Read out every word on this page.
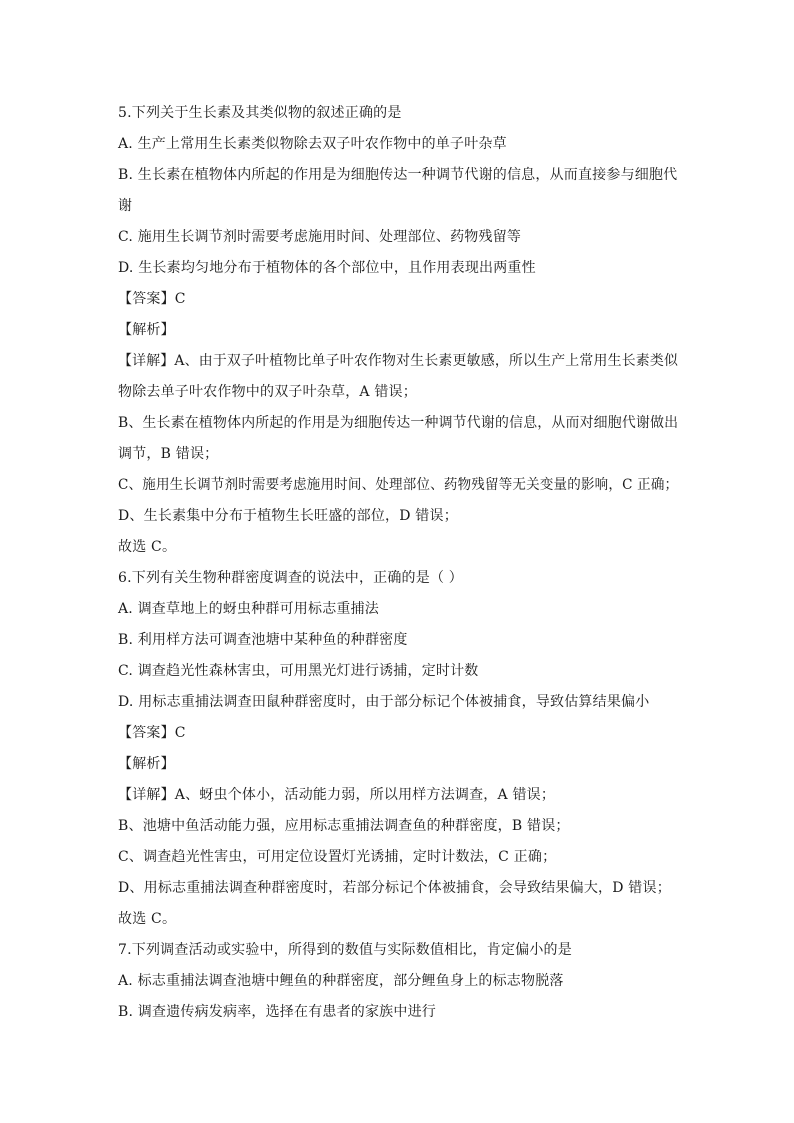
5.下列关于生长素及其类似物的叙述正确的是
A. 生产上常用生长素类似物除去双子叶农作物中的单子叶杂草
B. 生长素在植物体内所起的作用是为细胞传达一种调节代谢的信息，从而直接参与细胞代
谢
C. 施用生长调节剂时需要考虑施用时间、处理部位、药物残留等
D. 生长素均匀地分布于植物体的各个部位中，且作用表现出两重性
【答案】C
【解析】
【详解】A、由于双子叶植物比单子叶农作物对生长素更敏感，所以生产上常用生长素类似
物除去单子叶农作物中的双子叶杂草，A 错误；
B、生长素在植物体内所起的作用是为细胞传达一种调节代谢的信息，从而对细胞代谢做出
调节，B 错误；
C、施用生长调节剂时需要考虑施用时间、处理部位、药物残留等无关变量的影响，C 正确；
D、生长素集中分布于植物生长旺盛的部位，D 错误；
故选 C。
6.下列有关生物种群密度调查的说法中，正确的是（ ）
A. 调查草地上的蚜虫种群可用标志重捕法
B. 利用样方法可调查池塘中某种鱼的种群密度
C. 调查趋光性森林害虫，可用黑光灯进行诱捕，定时计数
D. 用标志重捕法调查田鼠种群密度时，由于部分标记个体被捕食，导致估算结果偏小
【答案】C
【解析】
【详解】A、蚜虫个体小，活动能力弱，所以用样方法调查，A 错误；
B、池塘中鱼活动能力强，应用标志重捕法调查鱼的种群密度，B 错误；
C、调查趋光性害虫，可用定位设置灯光诱捕，定时计数法，C 正确；
D、用标志重捕法调查种群密度时，若部分标记个体被捕食，会导致结果偏大，D 错误；
故选 C。
7.下列调查活动或实验中，所得到的数值与实际数值相比，肯定偏小的是
A. 标志重捕法调查池塘中鲤鱼的种群密度，部分鲤鱼身上的标志物脱落
B. 调查遗传病发病率，选择在有患者的家族中进行
